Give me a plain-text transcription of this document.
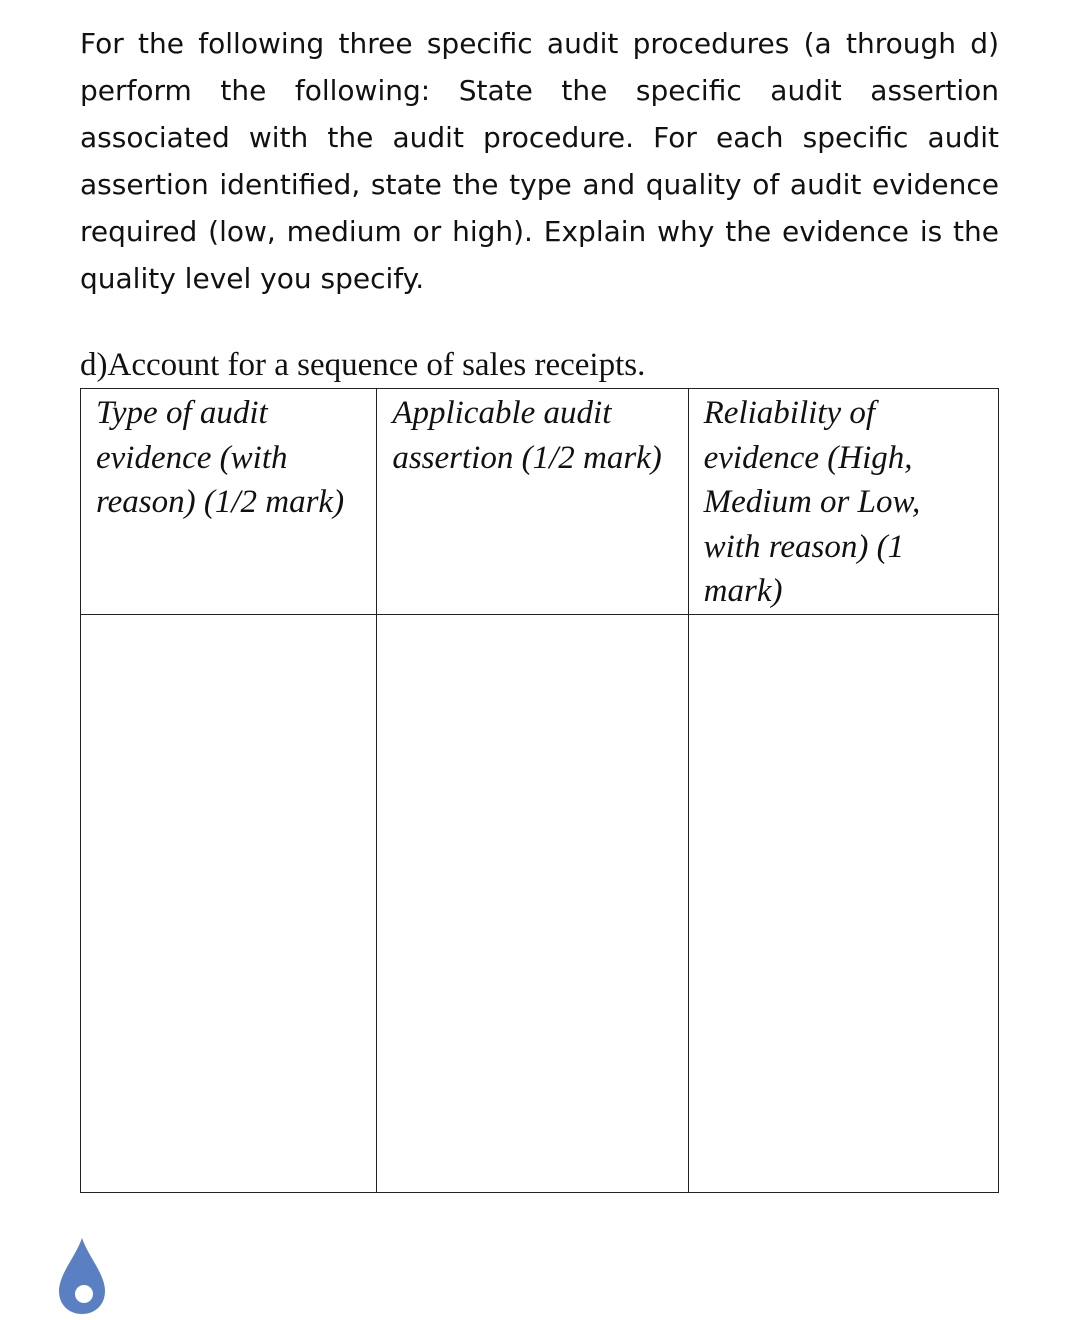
For the following three specific audit procedures (a through d) perform the following: State the specific audit assertion associated with the audit procedure. For each specific audit assertion identified, state the type and quality of audit evidence required (low, medium or high). Explain why the evidence is the quality level you specify.

d)Account for a sequence of sales receipts.

Type of audit evidence (with reason) (1/2 mark)	Applicable audit assertion (1/2 mark)	Reliability of evidence (High, Medium or Low, with reason) (1 mark)
